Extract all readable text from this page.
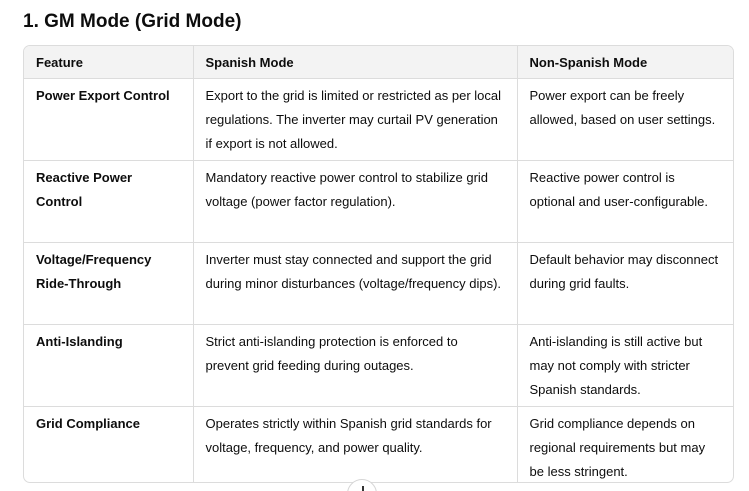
1. GM Mode (Grid Mode)
Feature	Spanish Mode	Non-Spanish Mode
Power Export Control	Export to the grid is limited or restricted as per local regulations. The inverter may curtail PV generation if export is not allowed.	Power export can be freely allowed, based on user settings.
Reactive Power Control	Mandatory reactive power control to stabilize grid voltage (power factor regulation).	Reactive power control is optional and user-configurable.
Voltage/Frequency Ride-Through	Inverter must stay connected and support the grid during minor disturbances (voltage/frequency dips).	Default behavior may disconnect during grid faults.
Anti-Islanding	Strict anti-islanding protection is enforced to prevent grid feeding during outages.	Anti-islanding is still active but may not comply with stricter Spanish standards.
Grid Compliance	Operates strictly within Spanish grid standards for voltage, frequency, and power quality.	Grid compliance depends on regional requirements but may be less stringent.
